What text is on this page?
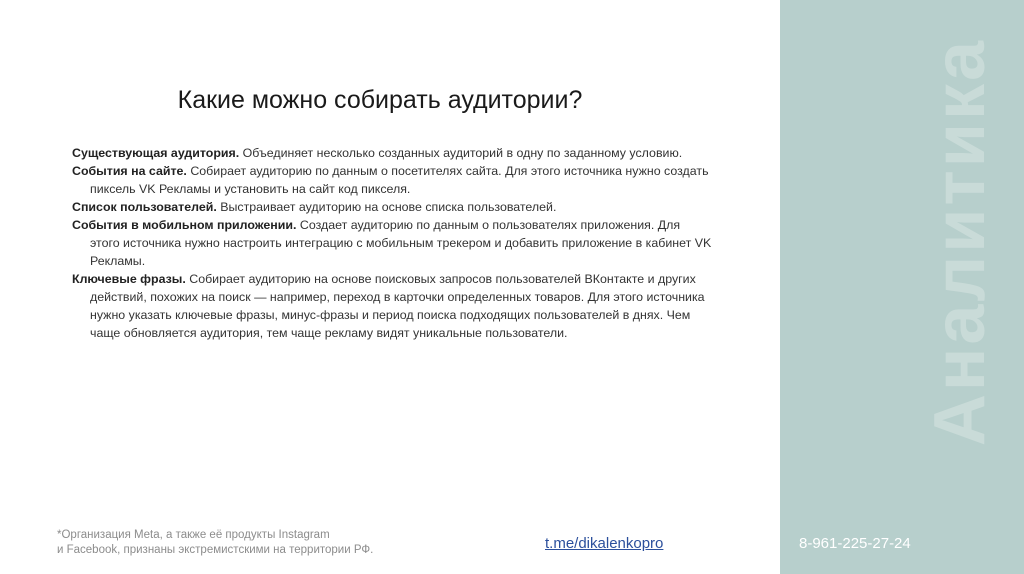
Аналитика
Какие можно собирать аудитории?

Существующая аудитория. Объединяет несколько созданных аудиторий в одну по заданному условию.

События на сайте. Собирает аудиторию по данным о посетителях сайта. Для этого источника нужно создать пиксель VK Рекламы и установить на сайт код пикселя.

Список пользователей. Выстраивает аудиторию на основе списка пользователей.

События в мобильном приложении. Создает аудиторию по данным о пользователях приложения. Для этого источника нужно настроить интеграцию с мобильным трекером и добавить приложение в кабинет VK Рекламы.

Ключевые фразы. Собирает аудиторию на основе поисковых запросов пользователей ВКонтакте и других действий, похожих на поиск — например, переход в карточки определенных товаров. Для этого источника нужно указать ключевые фразы, минус-фразы и период поиска подходящих пользователей в днях. Чем чаще обновляется аудитория, тем чаще рекламу видят уникальные пользователи.

*Организация Meta, а также её продукты Instagram
и Facebook, признаны экстремистскими на территории РФ.	t.me/dikalenkopro	8-961-225-27-24
